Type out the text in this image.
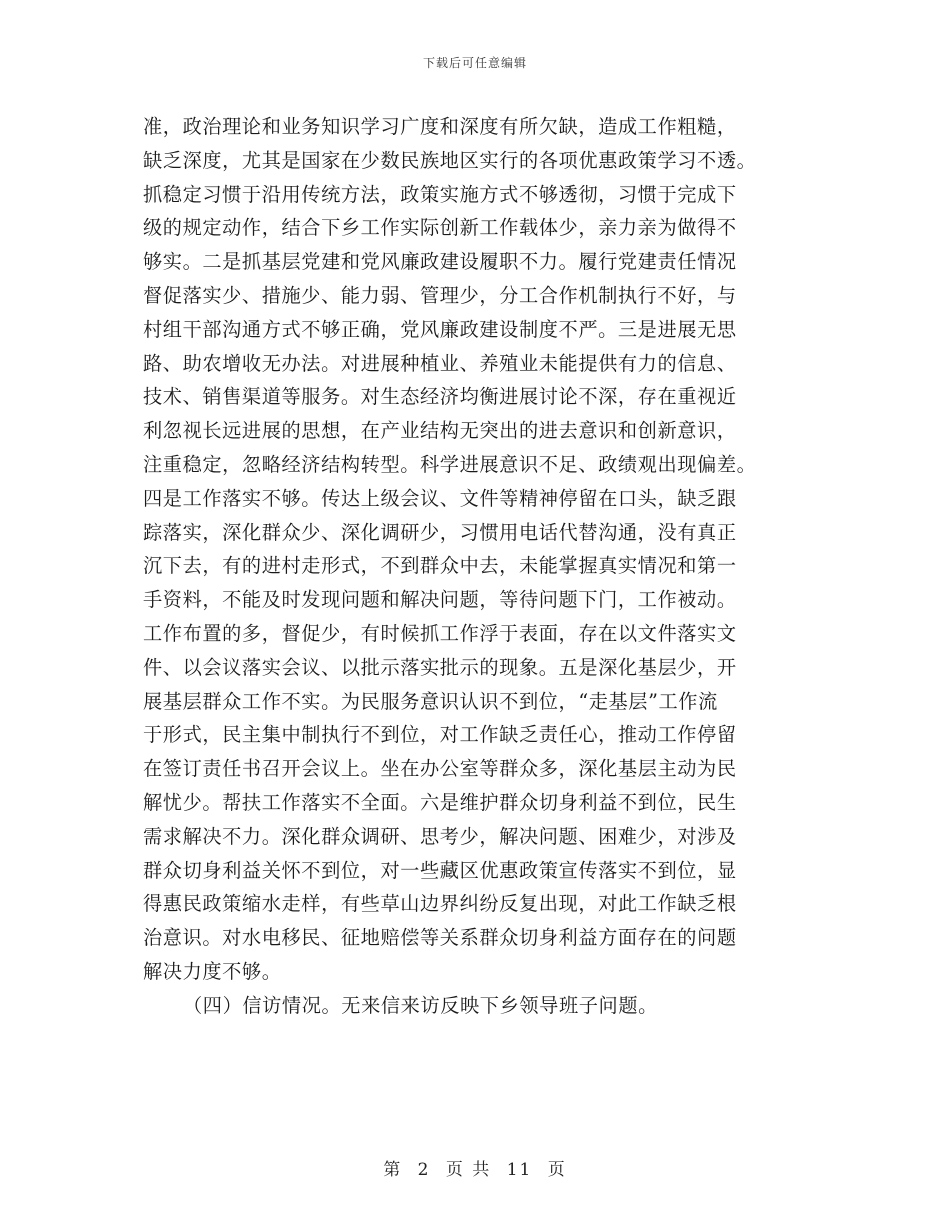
下载后可任意编辑
准，政治理论和业务知识学习广度和深度有所欠缺，造成工作粗糙，
缺乏深度，尤其是国家在少数民族地区实行的各项优惠政策学习不透。
抓稳定习惯于沿用传统方法，政策实施方式不够透彻，习惯于完成下
级的规定动作，结合下乡工作实际创新工作载体少，亲力亲为做得不
够实。二是抓基层党建和党风廉政建设履职不力。履行党建责任情况
督促落实少、措施少、能力弱、管理少，分工合作机制执行不好，与
村组干部沟通方式不够正确，党风廉政建设制度不严。三是进展无思
路、助农增收无办法。对进展种植业、养殖业未能提供有力的信息、
技术、销售渠道等服务。对生态经济均衡进展讨论不深，存在重视近
利忽视长远进展的思想，在产业结构无突出的进去意识和创新意识，
注重稳定，忽略经济结构转型。科学进展意识不足、政绩观出现偏差。
四是工作落实不够。传达上级会议、文件等精神停留在口头，缺乏跟
踪落实，深化群众少、深化调研少，习惯用电话代替沟通，没有真正
沉下去，有的进村走形式，不到群众中去，未能掌握真实情况和第一
手资料，不能及时发现问题和解决问题，等待问题下门，工作被动。
工作布置的多，督促少，有时候抓工作浮于表面，存在以文件落实文
件、以会议落实会议、以批示落实批示的现象。五是深化基层少，开
展基层群众工作不实。为民服务意识认识不到位，“走基层”工作流
于形式，民主集中制执行不到位，对工作缺乏责任心，推动工作停留
在签订责任书召开会议上。坐在办公室等群众多，深化基层主动为民
解忧少。帮扶工作落实不全面。六是维护群众切身利益不到位，民生
需求解决不力。深化群众调研、思考少，解决问题、困难少，对涉及
群众切身利益关怀不到位，对一些藏区优惠政策宣传落实不到位，显
得惠民政策缩水走样，有些草山边界纠纷反复出现，对此工作缺乏根
治意识。对水电移民、征地赔偿等关系群众切身利益方面存在的问题
解决力度不够。
（四）信访情况。无来信来访反映下乡领导班子问题。
第 2 页 共 11 页
